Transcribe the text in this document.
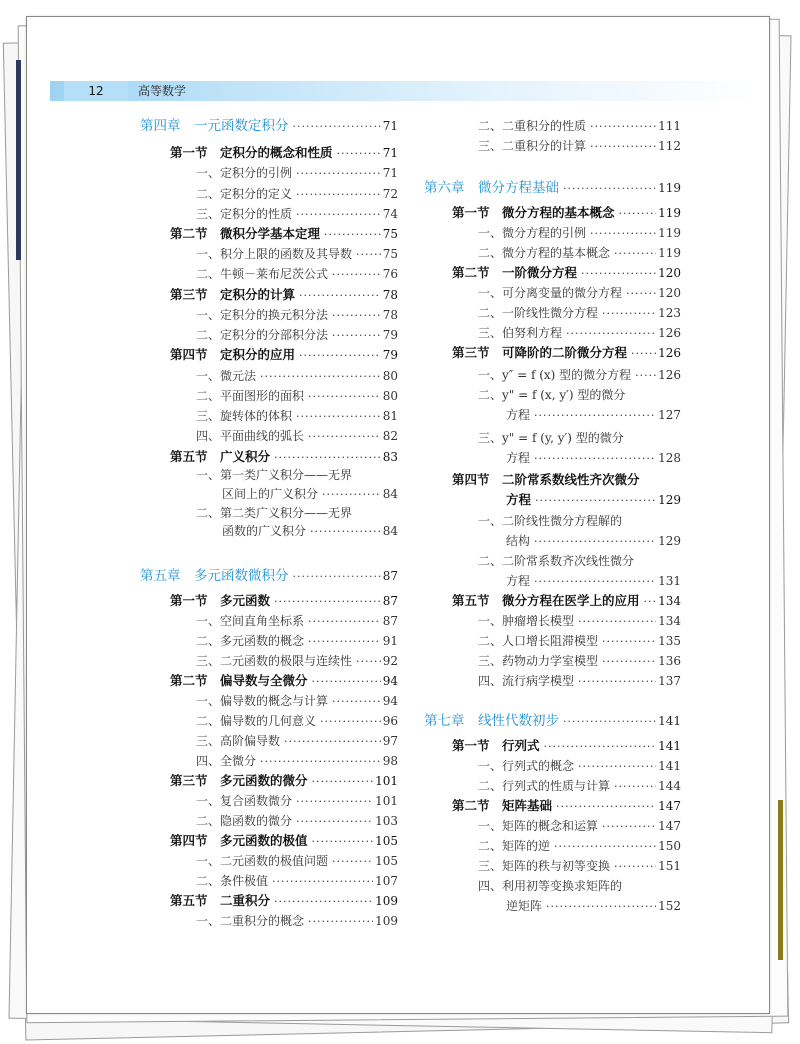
12	高等数学
第四章　一元函数定积分 ·····	71
第一节　定积分的概念和性质 ·····	71
一、定积分的引例 ·····	71
二、定积分的定义 ·····	72
三、定积分的性质 ·····	74
第二节　微积分学基本定理 ·····	75
一、积分上限的函数及其导数 ·····	75
二、牛顿－莱布尼茨公式 ·····	76
第三节　定积分的计算 ·····	78
一、定积分的换元积分法 ·····	78
二、定积分的分部积分法 ·····	79
第四节　定积分的应用 ·····	79
一、微元法 ·····	80
二、平面图形的面积 ·····	80
三、旋转体的体积 ·····	81
四、平面曲线的弧长 ·····	82
第五节　广义积分 ·····	83
一、第一类广义积分——无界
区间上的广义积分 ·····	84
二、第二类广义积分——无界
函数的广义积分 ·····	84
第五章　多元函数微积分 ·····	87
第一节　多元函数 ·····	87
一、空间直角坐标系 ·····	87
二、多元函数的概念 ·····	91
三、二元函数的极限与连续性 ·····	92
第二节　偏导数与全微分 ·····	94
一、偏导数的概念与计算 ·····	94
二、偏导数的几何意义 ·····	96
三、高阶偏导数 ·····	97
四、全微分 ·····	98
第三节　多元函数的微分 ·····	101
一、复合函数微分 ·····	101
二、隐函数的微分 ·····	103
第四节　多元函数的极值 ·····	105
一、二元函数的极值问题 ·····	105
二、条件极值 ·····	107
第五节　二重积分 ·····	109
一、二重积分的概念 ·····	109
二、二重积分的性质 ·····	111
三、二重积分的计算 ·····	112
第六章　微分方程基础 ·····	119
第一节　微分方程的基本概念 ·····	119
一、微分方程的引例 ·····	119
二、微分方程的基本概念 ·····	119
第二节　一阶微分方程 ·····	120
一、可分离变量的微分方程 ·····	120
二、一阶线性微分方程 ·····	123
三、伯努利方程 ·····	126
第三节　可降阶的二阶微分方程 ·····	126
一、y″ = f (x) 型的微分方程 ····· 126
二、y" = f (x, y′) 型的微分
方程 ·····	127
三、y" = f (y, y′) 型的微分
方程 ·····	128
第四节　二阶常系数线性齐次微分
方程 ·····	129
一、二阶线性微分方程解的
结构 ·····	129
二、二阶常系数齐次线性微分
方程 ·····	131
第五节　微分方程在医学上的应用 ····· 134
一、肿瘤增长模型 ·····	134
二、人口增长阻滞模型 ·····	135
三、药物动力学室模型 ·····	136
四、流行病学模型 ·····	137
第七章　线性代数初步 ·····	141
第一节　行列式 ·····	141
一、行列式的概念 ·····	141
二、行列式的性质与计算 ·····	144
第二节　矩阵基础 ·····	147
一、矩阵的概念和运算 ·····	147
二、矩阵的逆 ·····	150
三、矩阵的秩与初等变换 ·····	151
四、利用初等变换求矩阵的
逆矩阵 ·····	152
